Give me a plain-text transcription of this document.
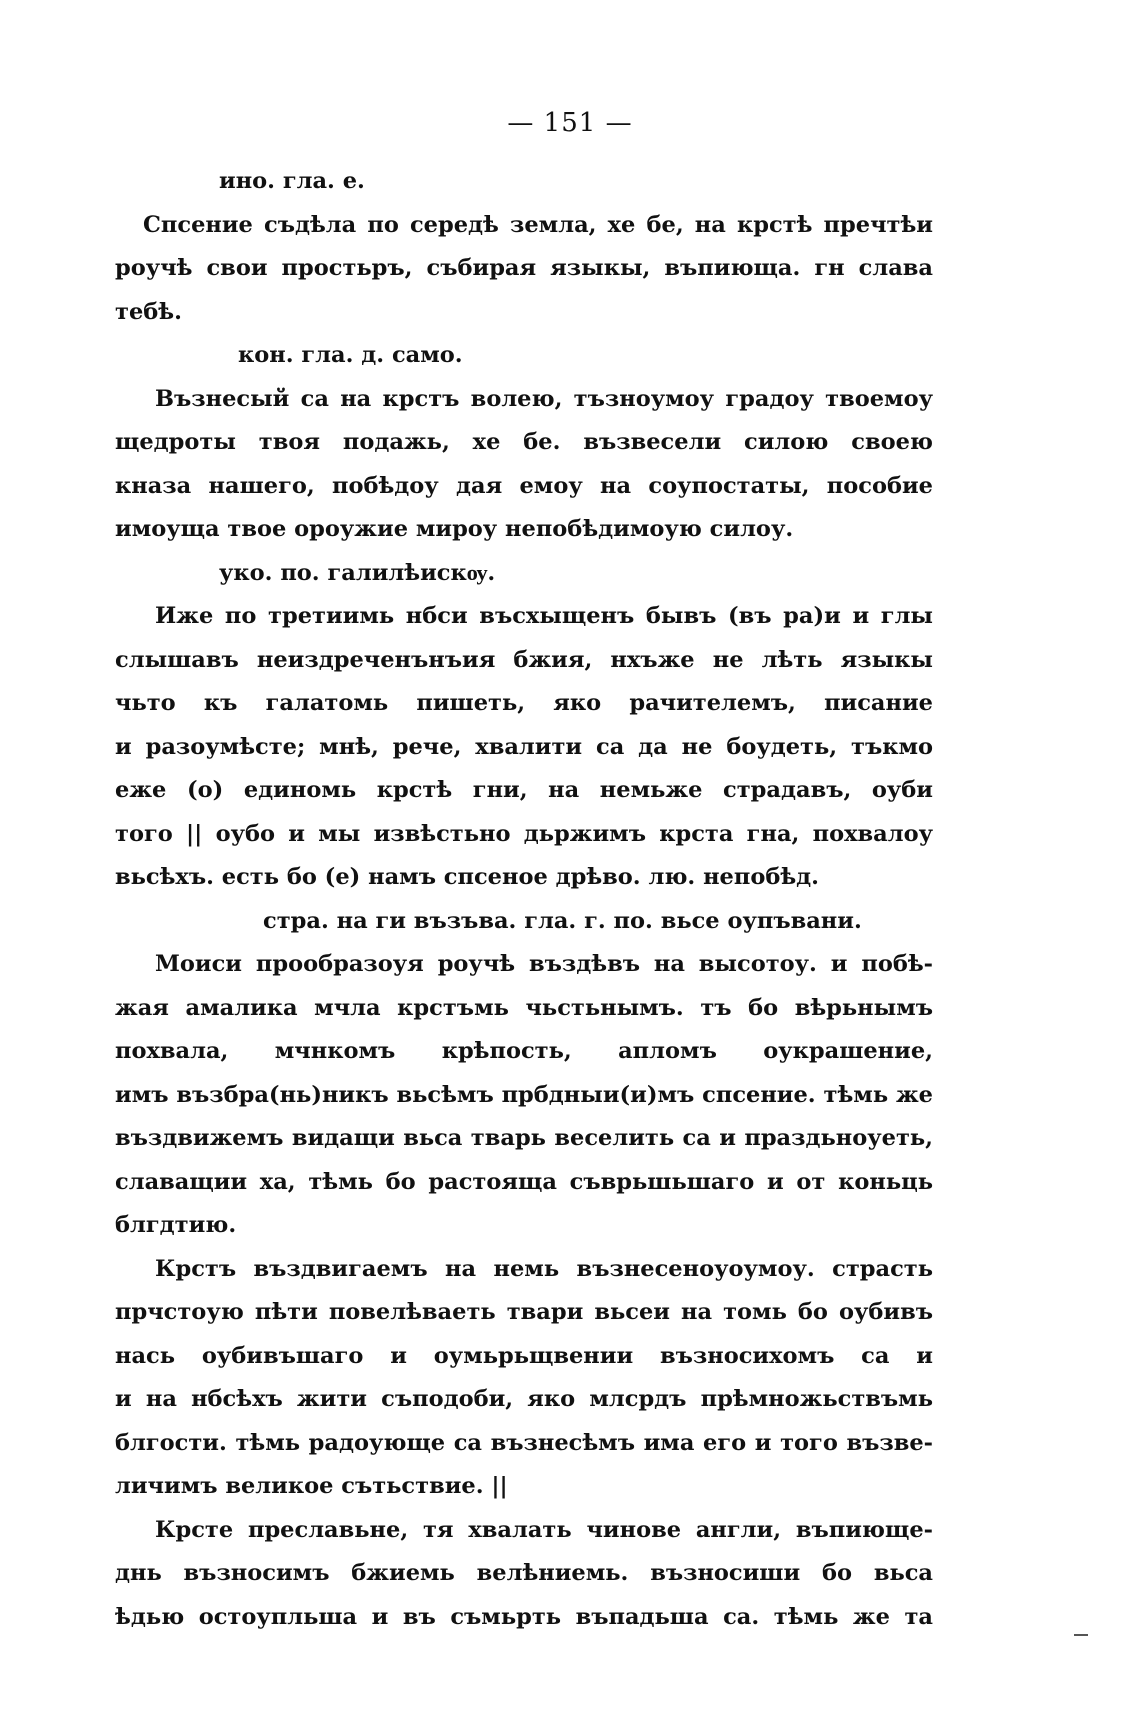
— 151 —
ино. гла. е.
Спсение съдѣла по середѣ земла, хе бе, на крстѣ пречтѣи
роучѣ свои простьръ, събирая языкы, въпиюща. гн слава
тебѣ.
кон. гла. д. само.
Възнесый са на крстъ волею, тъзноумоу градоу твоемоу
щедроты твоя подажь, хе бе. възвесели силою своею
кназа нашего, побѣдоу дая емоу на соупостаты, пособие
имоуща твое ороужие мироу непобѣдимоую силоу.
уко. по. галилѣискѹ.
Иже по третиимь нбси въсхыщенъ бывъ (въ ра)и и глы
слышавъ неиздреченънъия бжия, нхъже не лѣть языкы
чьто къ галатомь пишеть, яко рачителемъ, писание
и разоумѣсте; мнѣ, рече, хвалити са да не боудеть, тъкмо
еже (о) единомь крстѣ гни, на немьже страдавъ, оуби
того || оубо и мы извѣстьно дьржимъ крста гна, похвалоу
вьсѣхъ. есть бо (е) намъ спсеное дрѣво. лю. непобѣд.
стра. на ги възъва. гла. г. по. вьсе оупъвани.
Моиси прообразоуя роучѣ въздѣвъ на высотоу. и побѣ-
жая амалика мчла крстъмь чьстьнымъ. тъ бо вѣрьнымъ
похвала, мчнкомъ крѣпость, апломъ оукрашение,
имъ възбра(нь)никъ вьсѣмъ прбдныи(и)мъ спсение. тѣмь же
въздвижемъ видащи вьса тварь веселить са и праздьноуеть,
славащии ха, тѣмь бо растояща съврьшьшаго и от коньць
блгдтию.
Крстъ въздвигаемъ на немь възнесеноуоумоу. страсть
прчстоую пѣти повелѣваеть твари вьсеи на томь бо оубивъ
нась оубивъшаго и оумьрьщвении възносихомъ са и
и на нбсѣхъ жити съподоби, яко млсрдъ прѣмножьствъмь
блгости. тѣмь радоующе са възнесѣмъ има его и того възве-
личимъ великое сътьствие. ||
Крсте преславьне, тя хвалать чинове англи, въпиюще-
днь възносимъ бжиемь велѣниемь. възносиши бо вьса
ѣдью остоупльша и въ съмьрть въпадьша са. тѣмь же та
